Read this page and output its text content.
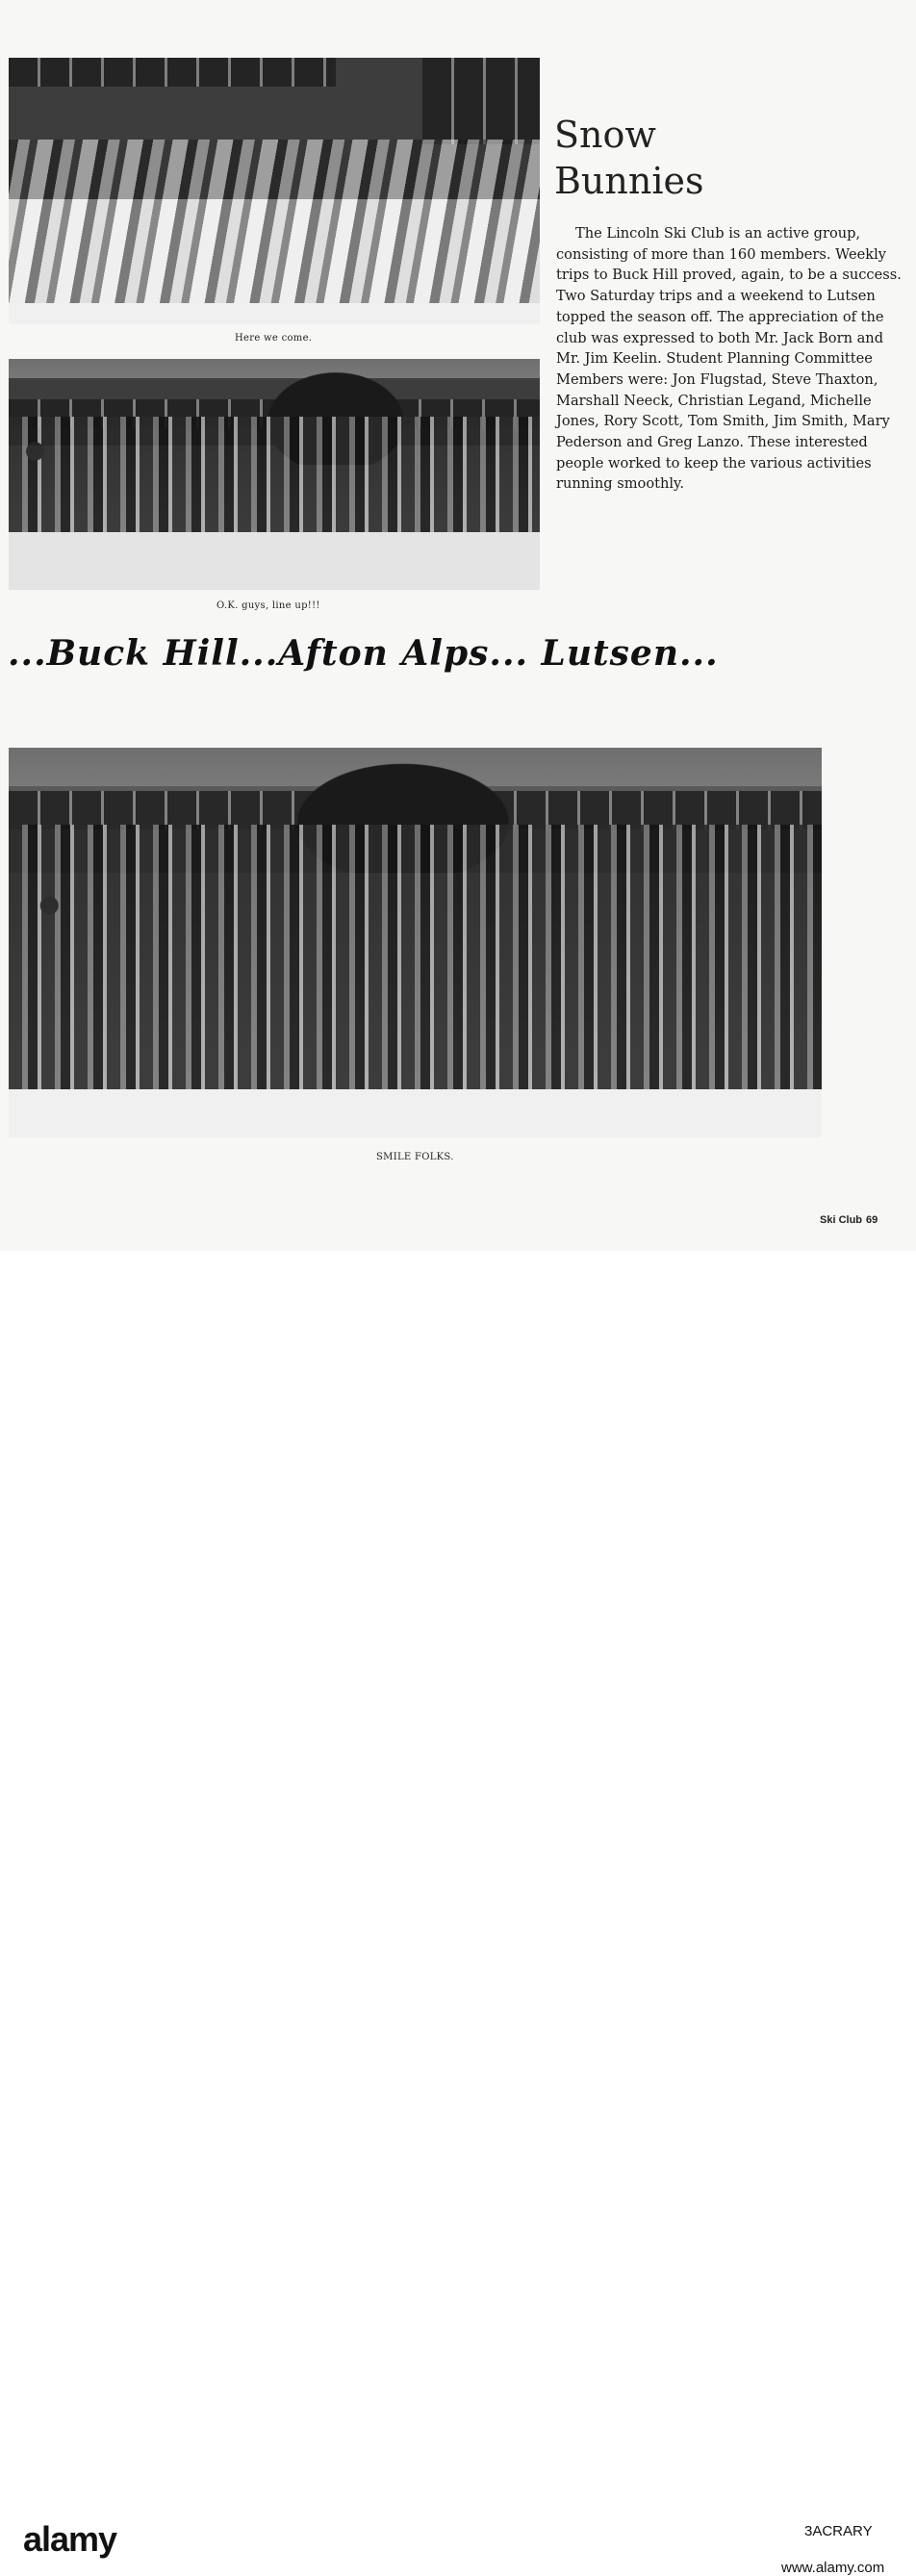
Here we come.
O.K. guys, line up!!!
Snow
Bunnies

The Lincoln Ski Club is an active group, consisting of more than 160 members. Weekly trips to Buck Hill proved, again, to be a success. Two Saturday trips and a weekend to Lutsen topped the season off. The appreciation of the club was expressed to both Mr. Jack Born and Mr. Jim Keelin. Student Planning Committee Members were: Jon Flugstad, Steve Thaxton, Marshall Neeck, Christian Legand, Michelle Jones, Rory Scott, Tom Smith, Jim Smith, Mary Pederson and Greg Lanzo. These interested people worked to keep the various activities running smoothly.

...Buck Hill...Afton Alps... Lutsen...
SMILE FOLKS.
Ski Club 69
alamy	3ACRARY
www.alamy.com
